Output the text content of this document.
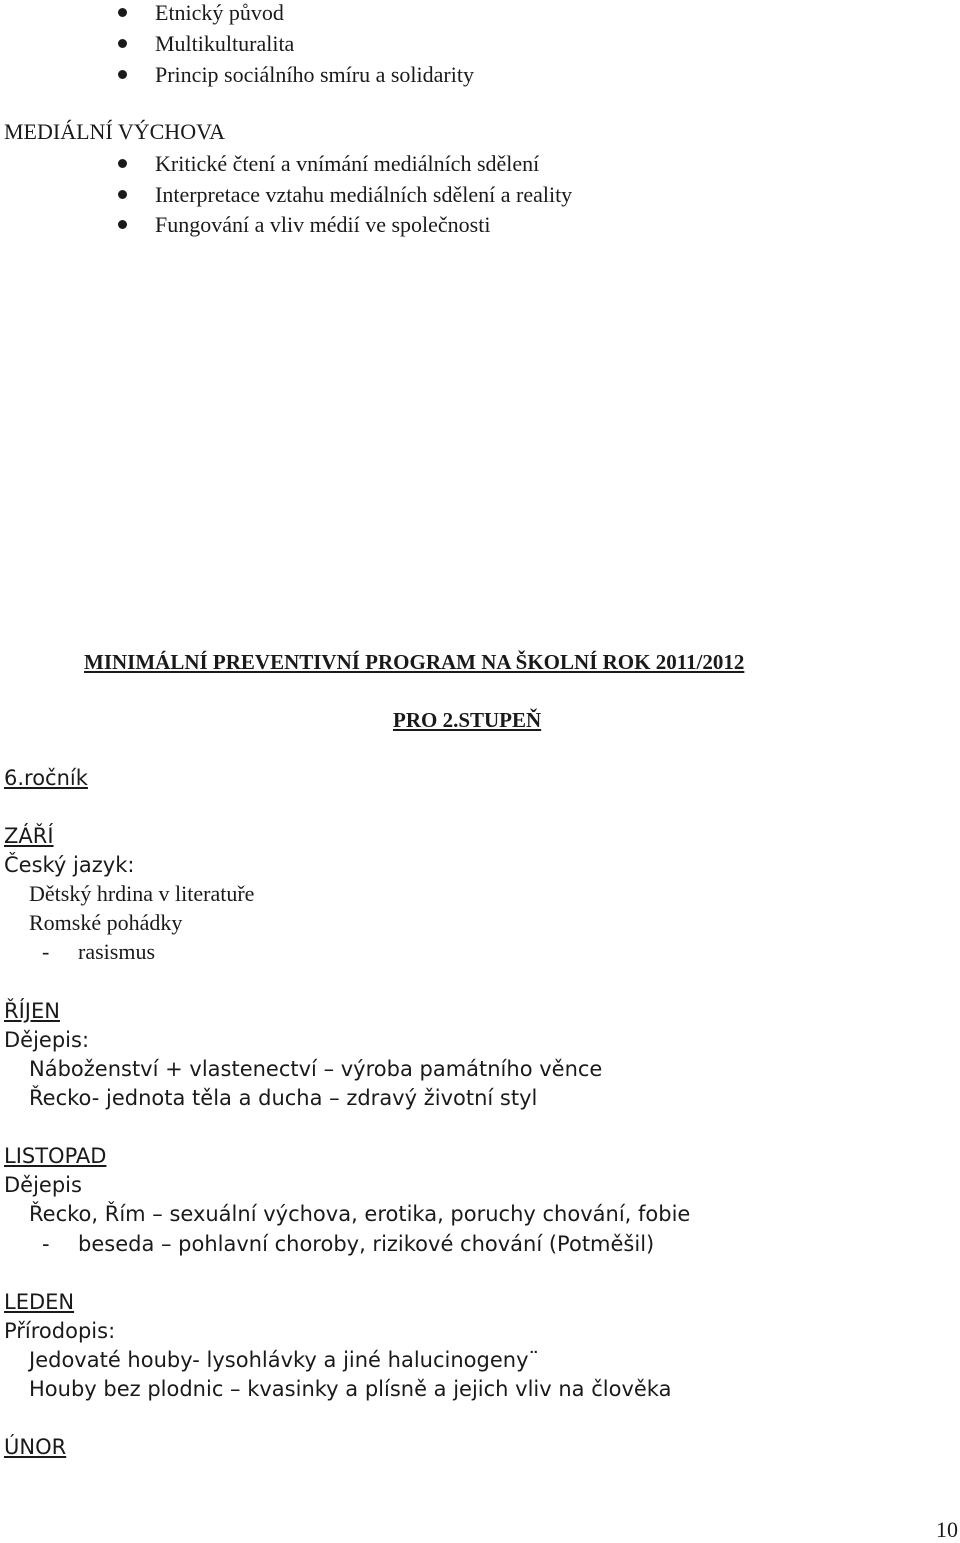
Etnický původ
Multikulturalita
Princip sociálního smíru a solidarity
MEDIÁLNÍ VÝCHOVA
Kritické čtení a vnímání mediálních sdělení
Interpretace vztahu mediálních sdělení a reality
Fungování a vliv médií ve společnosti
MINIMÁLNÍ PREVENTIVNÍ PROGRAM NA ŠKOLNÍ ROK 2011/2012
PRO 2.STUPEŇ
6.ročník
ZÁŘÍ
Český jazyk:
Dětský hrdina v literatuře
Romské pohádky
- rasismus
ŘÍJEN
Dějepis:
Náboženství + vlastenectví – výroba památního věnce
Řecko- jednota těla a ducha – zdravý životní styl
LISTOPAD
Dějepis
Řecko, Řím – sexuální výchova, erotika, poruchy chování, fobie
- beseda – pohlavní choroby, rizikové chování (Potměšil)
LEDEN
Přírodopis:
Jedovaté houby- lysohlávky a jiné halucinogeny¨
Houby bez plodnic – kvasinky a plísně a jejich vliv na člověka
ÚNOR
10
